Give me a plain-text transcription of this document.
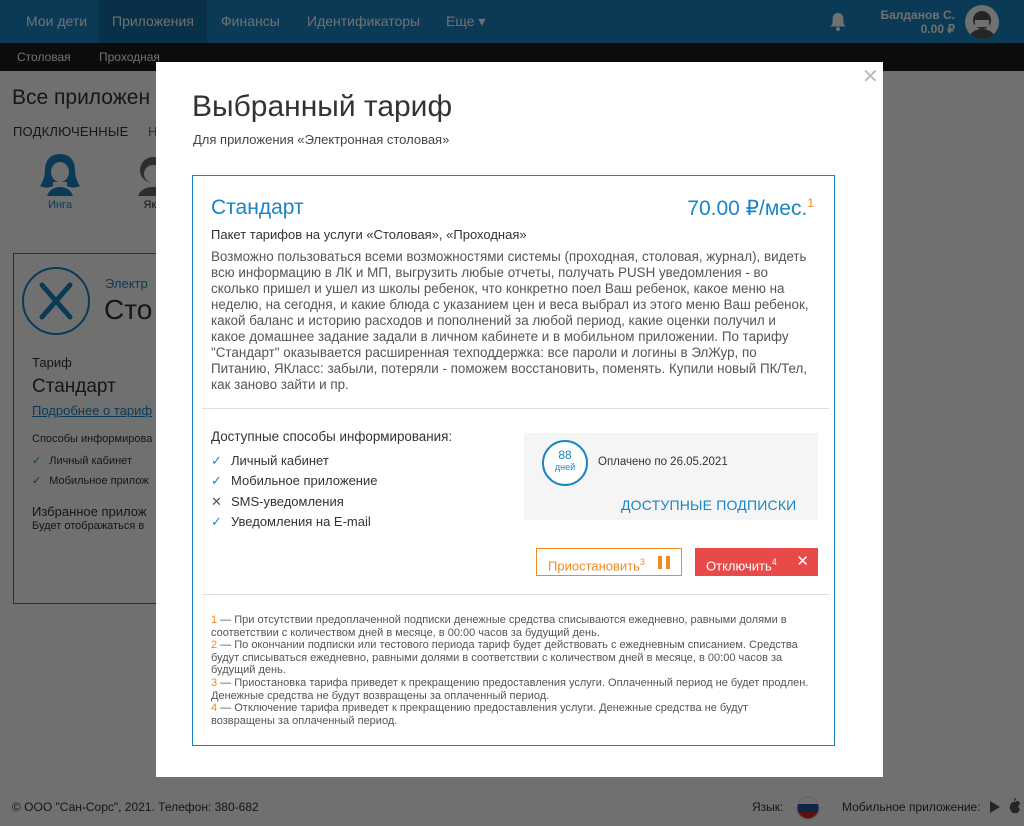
✕
Выбранный тариф
Для приложения «Электронная столовая»
Стандарт	70.00 ₽/мес.$^1$
Пакет тарифов на услуги «Столовая», «Проходная»
Возможно пользоваться всеми возможностями системы (проходная, столовая, журнал), видеть всю информацию в ЛК и МП, выгрузить любые отчеты, получать PUSH уведомления - во сколько пришел и ушел из школы ребенок, что конкретно поел Ваш ребенок, какое меню на неделю, на сегодня, и какие блюда с указанием цен и веса выбрал из этого меню Ваш ребенок, какой баланс и историю расходов и пополнений за любой период, какие оценки получил и какое домашнее задание задали в личном кабинете и в мобильном приложении. По тарифу "Стандарт" оказывается расширенная техподдержка: все пароли и логины в ЭлЖур, по Питанию, ЯКласс: забыли, потеряли - поможем восстановить, поменять. Купили новый ПК/Тел, как заново зайти и пр.
Доступные способы информирования:
✓ Личный кабинет
✓ Мобильное приложение
✕ SMS-уведомления
✓ Уведомления на E-mail
88
дней	Оплачено по 26.05.2021
ДОСТУПНЫЕ ПОДПИСКИ
Приостановить$^3$	Отключить$^4$ ✕
1 — При отсутствии предоплаченной подписки денежные средства списываются ежедневно, равными долями в соответствии с количеством дней в месяце, в 00:00 часов за будущий день.
2 — По окончании подписки или тестового периода тариф будет действовать с ежедневным списанием. Средства будут списываться ежедневно, равными долями в соответствии с количеством дней в месяце, в 00:00 часов за будущий день.
3 — Приостановка тарифа приведет к прекращению предоставления услуги. Оплаченный период не будет продлен. Денежные средства не будут возвращены за оплаченный период.
4 — Отключение тарифа приведет к прекращению предоставления услуги. Денежные средства не будут возвращены за оплаченный период.
